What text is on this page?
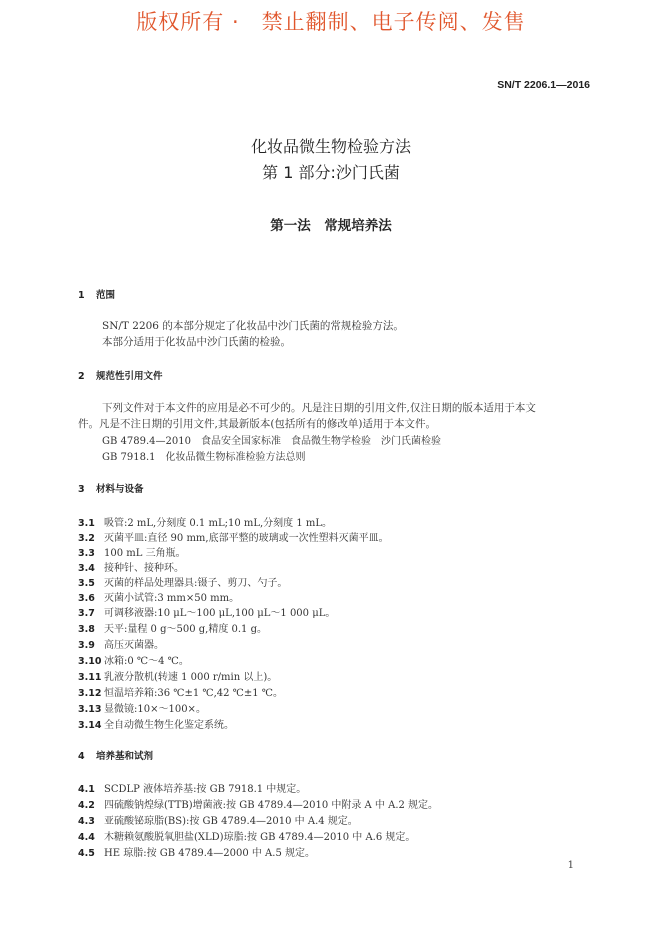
版权所有 ·　禁止翻制、电子传阅、发售
SN/T 2206.1—2016
化妆品微生物检验方法
第 1 部分:沙门氏菌
第一法　常规培养法
1 范围
SN/T 2206 的本部分规定了化妆品中沙门氏菌的常规检验方法。
本部分适用于化妆品中沙门氏菌的检验。
2 规范性引用文件
下列文件对于本文件的应用是必不可少的。凡是注日期的引用文件,仅注日期的版本适用于本文
件。凡是不注日期的引用文件,其最新版本(包括所有的修改单)适用于本文件。
GB 4789.4—2010　食品安全国家标准　食品微生物学检验　沙门氏菌检验
GB 7918.1　化妆品微生物标准检验方法总则
3 材料与设备
3.1 吸管:2 mL,分刻度 0.1 mL;10 mL,分刻度 1 mL。
3.2 灭菌平皿:直径 90 mm,底部平整的玻璃或一次性塑料灭菌平皿。
3.3 100 mL 三角瓶。
3.4 接种针、接种环。
3.5 灭菌的样品处理器具:镊子、剪刀、勺子。
3.6 灭菌小试管:3 mm×50 mm。
3.7 可调移液器:10 μL～100 μL,100 μL～1 000 μL。
3.8 天平:量程 0 g～500 g,精度 0.1 g。
3.9 高压灭菌器。
3.10 冰箱:0 ℃～4 ℃。
3.11 乳液分散机(转速 1 000 r/min 以上)。
3.12 恒温培养箱:36 ℃±1 ℃,42 ℃±1 ℃。
3.13 显微镜:10×～100×。
3.14 全自动微生物生化鉴定系统。
4 培养基和试剂
4.1 SCDLP 液体培养基:按 GB 7918.1 中规定。
4.2 四硫酸钠煌绿(TTB)增菌液:按 GB 4789.4—2010 中附录 A 中 A.2 规定。
4.3 亚硫酸铋琼脂(BS):按 GB 4789.4—2010 中 A.4 规定。
4.4 木糖赖氨酸脱氧胆盐(XLD)琼脂:按 GB 4789.4—2010 中 A.6 规定。
4.5 HE 琼脂:按 GB 4789.4—2000 中 A.5 规定。
1
